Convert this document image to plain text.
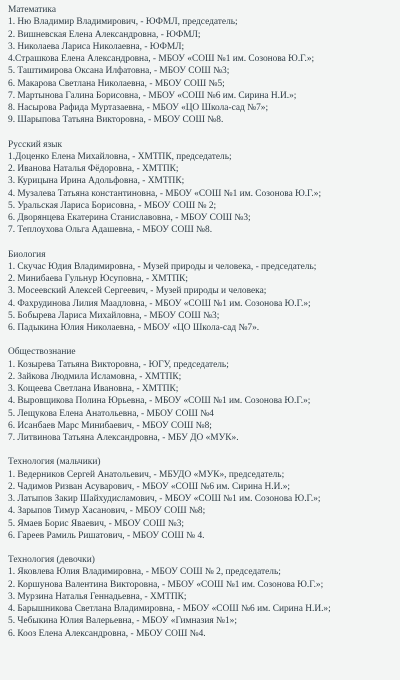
Математика
1. Ню Владимир Владимирович, - ЮФМЛ, председатель;
2. Вишневская Елена Александровна, - ЮФМЛ;
3. Николаева Лариса Николаевна, - ЮФМЛ;
4.Страшкова Елена Александровна, - МБОУ «СОШ №1 им. Созонова Ю.Г.»;
5. Таштимирова Оксана Илфатовна, - МБОУ СОШ №3;
6. Макарова Светлана Николаевна, - МБОУ СОШ №5;
7. Мартынова Галина Борисовна, - МБОУ «СОШ №6 им. Сирина Н.И.»;
8. Насырова Рафида Муртазаевна, - МБОУ «ЦО Школа-сад №7»;
9. Шарыпова Татьяна Викторовна, - МБОУ СОШ №8.
Русский язык
1.Доценко Елена Михайловна, - ХМТПК, председатель;
2. Иванова Наталья Фёдоровна, - ХМТПК;
3. Курицына Ирина Адольфовна, - ХМТПК;
4. Музалева Татьяна константиновна, - МБОУ «СОШ №1 им. Созонова Ю.Г.»;
5. Уральская Лариса Борисовна, - МБОУ СОШ № 2;
6. Дворянцева Екатерина Станиславовна, - МБОУ СОШ №3;
7. Теплоухова Ольга Адашевна, - МБОУ СОШ №8.
Биология
1. Скучас Юдия Владимировна, - Музей природы и человека, - председатель;
2. Минибаева Гульнур Юсуповна, - ХМТПК;
3. Мосеевский Алексей Сергеевич, - Музей природы и человека;
4. Фахрудинова Лилия Маадловна, - МБОУ «СОШ №1 им. Созонова Ю.Г.»;
5. Бобырева Лариса Михайловна, - МБОУ СОШ №3;
6. Падыкина Юлия Николаевна, - МБОУ «ЦО Школа-сад №7».
Обществознание
1. Козырева Татьяна Викторовна, - ЮГУ, председатель;
2. Зайкова Людмила Исламовна, - ХМТПК;
3. Кощеева Светлана Ивановна, - ХМТПК;
4. Выровщикова Полина Юрьевна, - МБОУ «СОШ №1 им. Созонова Ю.Г.»;
5. Лещукова Елена Анатольевна, - МБОУ СОШ №4
6. Исанбаев Марс Минибаевич, - МБОУ СОШ №8;
7. Литвинова Татьяна Александровна, - МБУ ДО «МУК».
Технология (мальчики)
1. Ведерников Сергей Анатольевич, - МБУДО «МУК», председатель;
2. Чадимов Ризван Асуварович, - МБОУ «СОШ №6 им. Сирина Н.И.»;
3. Латыпов Закир Шайхудисламович, - МБОУ «СОШ №1 им. Созонова Ю.Г.»;
4. Зарыпов Тимур Хасанович, - МБОУ СОШ №8;
5. Ямаев Борис Яваевич, - МБОУ СОШ №3;
6. Гареев Рамиль Ришатович, - МБОУ СОШ № 4.
Технология (девочки)
1. Яковлева Юлия Владимировна, - МБОУ СОШ № 2, председатель;
2. Коршунова Валентина Викторовна, - МБОУ «СОШ №1 им. Созонова Ю.Г.»;
3. Мурзина Наталья Геннадьевна, - ХМТПК;
4. Барышникова Светлана Владимировна, - МБОУ «СОШ №6 им. Сирина Н.И.»;
5. Чебыкина Юлия Валерьевна, - МБОУ «Гимназия №1»;
6. Кооз Елена Александровна, - МБОУ СОШ №4.
